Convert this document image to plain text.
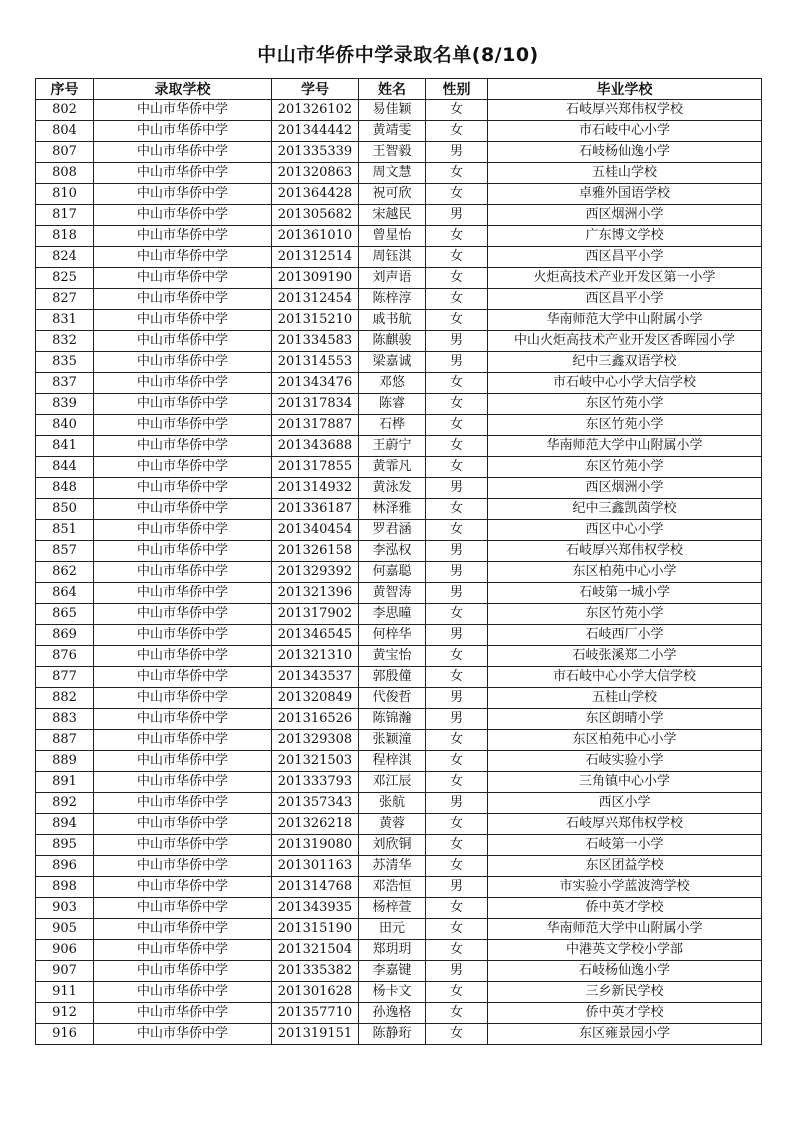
中山市华侨中学录取名单(8/10)
序号	录取学校	学号	姓名	性别	毕业学校
802	中山市华侨中学	201326102	易佳颖	女	石岐厚兴郑伟权学校
804	中山市华侨中学	201344442	黄靖雯	女	市石岐中心小学
807	中山市华侨中学	201335339	王智毅	男	石岐杨仙逸小学
808	中山市华侨中学	201320863	周文慧	女	五桂山学校
810	中山市华侨中学	201364428	祝可欣	女	卓雅外国语学校
817	中山市华侨中学	201305682	宋越民	男	西区烟洲小学
818	中山市华侨中学	201361010	曾星怡	女	广东博文学校
824	中山市华侨中学	201312514	周钰淇	女	西区昌平小学
825	中山市华侨中学	201309190	刘声语	女	火炬高技术产业开发区第一小学
827	中山市华侨中学	201312454	陈梓淳	女	西区昌平小学
831	中山市华侨中学	201315210	戚书航	女	华南师范大学中山附属小学
832	中山市华侨中学	201334583	陈麒骏	男	中山火炬高技术产业开发区香晖园小学
835	中山市华侨中学	201314553	梁嘉诚	男	纪中三鑫双语学校
837	中山市华侨中学	201343476	邓悠	女	市石岐中心小学大信学校
839	中山市华侨中学	201317834	陈睿	女	东区竹苑小学
840	中山市华侨中学	201317887	石桦	女	东区竹苑小学
841	中山市华侨中学	201343688	王蔚宁	女	华南师范大学中山附属小学
844	中山市华侨中学	201317855	黄霏凡	女	东区竹苑小学
848	中山市华侨中学	201314932	黄泳发	男	西区烟洲小学
850	中山市华侨中学	201336187	林泽雅	女	纪中三鑫凯茵学校
851	中山市华侨中学	201340454	罗君涵	女	西区中心小学
857	中山市华侨中学	201326158	李泓权	男	石岐厚兴郑伟权学校
862	中山市华侨中学	201329392	何嘉聪	男	东区柏苑中心小学
864	中山市华侨中学	201321396	黄智涛	男	石岐第一城小学
865	中山市华侨中学	201317902	李思曈	女	东区竹苑小学
869	中山市华侨中学	201346545	何梓华	男	石岐西厂小学
876	中山市华侨中学	201321310	黄宝怡	女	石岐张溪郑二小学
877	中山市华侨中学	201343537	郭殷僮	女	市石岐中心小学大信学校
882	中山市华侨中学	201320849	代俊哲	男	五桂山学校
883	中山市华侨中学	201316526	陈锦瀚	男	东区朗晴小学
887	中山市华侨中学	201329308	张颖潼	女	东区柏苑中心小学
889	中山市华侨中学	201321503	程梓淇	女	石岐实验小学
891	中山市华侨中学	201333793	邓江辰	女	三角镇中心小学
892	中山市华侨中学	201357343	张航	男	西区小学
894	中山市华侨中学	201326218	黄蓉	女	石岐厚兴郑伟权学校
895	中山市华侨中学	201319080	刘欣铜	女	石岐第一小学
896	中山市华侨中学	201301163	苏清华	女	东区团益学校
898	中山市华侨中学	201314768	邓浩恒	男	市实验小学蓝波湾学校
903	中山市华侨中学	201343935	杨梓萱	女	侨中英才学校
905	中山市华侨中学	201315190	田元	女	华南师范大学中山附属小学
906	中山市华侨中学	201321504	郑玥玥	女	中港英文学校小学部
907	中山市华侨中学	201335382	李嘉键	男	石岐杨仙逸小学
911	中山市华侨中学	201301628	杨卡文	女	三乡新民学校
912	中山市华侨中学	201357710	孙逸格	女	侨中英才学校
916	中山市华侨中学	201319151	陈静珩	女	东区雍景园小学
